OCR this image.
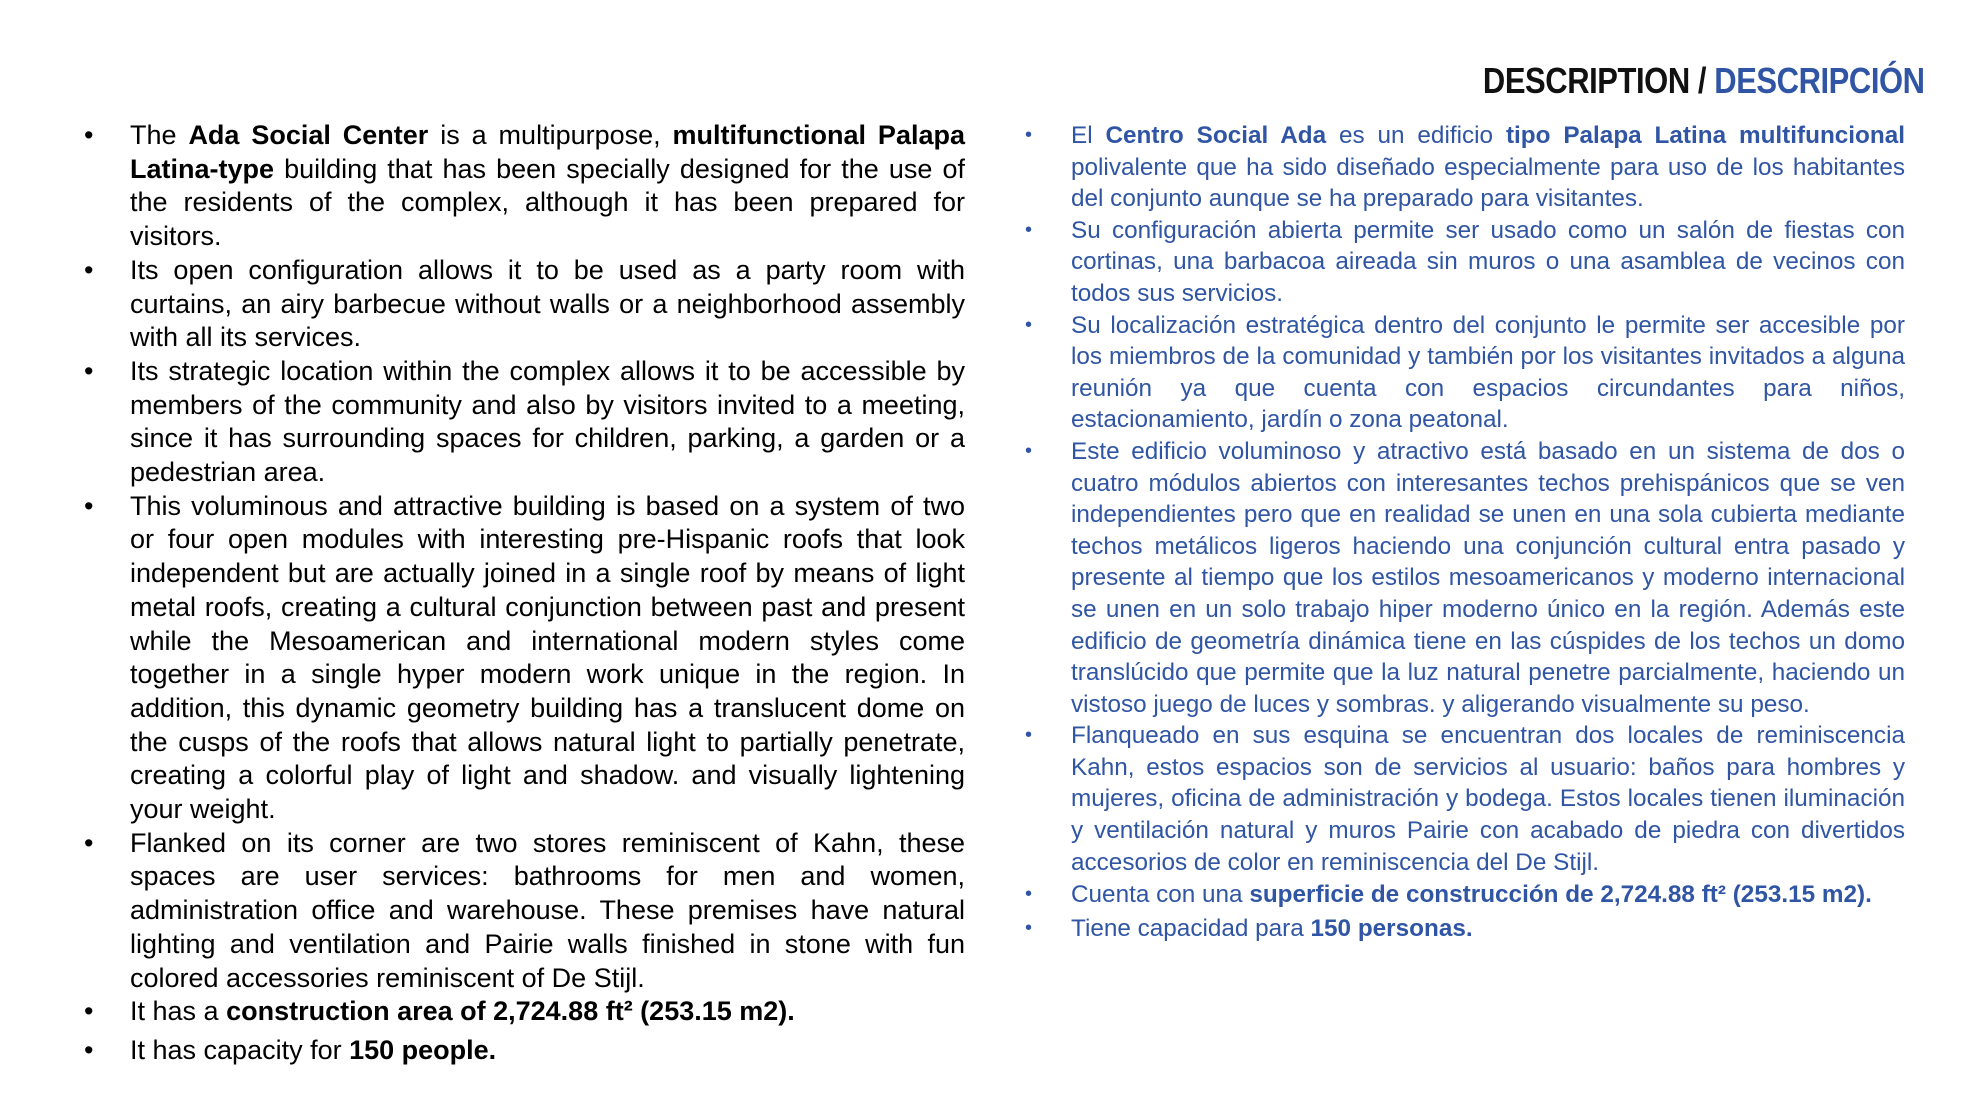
DESCRIPTION / DESCRIPCIÓN
• The Ada Social Center is a multipurpose, multifunctional Palapa Latina-type building that has been specially designed for the use of the residents of the complex, although it has been prepared for visitors.
• Its open configuration allows it to be used as a party room with curtains, an airy barbecue without walls or a neighborhood assembly with all its services.
• Its strategic location within the complex allows it to be accessible by members of the community and also by visitors invited to a meeting, since it has surrounding spaces for children, parking, a garden or a pedestrian area.
• This voluminous and attractive building is based on a system of two or four open modules with interesting pre-Hispanic roofs that look independent but are actually joined in a single roof by means of light metal roofs, creating a cultural conjunction between past and present while the Mesoamerican and international modern styles come together in a single hyper modern work unique in the region. In addition, this dynamic geometry building has a translucent dome on the cusps of the roofs that allows natural light to partially penetrate, creating a colorful play of light and shadow. and visually lightening your weight.
• Flanked on its corner are two stores reminiscent of Kahn, these spaces are user services: bathrooms for men and women, administration office and warehouse. These premises have natural lighting and ventilation and Pairie walls finished in stone with fun colored accessories reminiscent of De Stijl.
• It has a construction area of 2,724.88 ft² (253.15 m2).
• It has capacity for 150 people.
• El Centro Social Ada es un edificio tipo Palapa Latina multifuncional polivalente que ha sido diseñado especialmente para uso de los habitantes del conjunto aunque se ha preparado para visitantes.
• Su configuración abierta permite ser usado como un salón de fiestas con cortinas, una barbacoa aireada sin muros o una asamblea de vecinos con todos sus servicios.
• Su localización estratégica dentro del conjunto le permite ser accesible por los miembros de la comunidad y también por los visitantes invitados a alguna reunión ya que cuenta con espacios circundantes para niños, estacionamiento, jardín o zona peatonal.
• Este edificio voluminoso y atractivo está basado en un sistema de dos o cuatro módulos abiertos con interesantes techos prehispánicos que se ven independientes pero que en realidad se unen en una sola cubierta mediante techos metálicos ligeros haciendo una conjunción cultural entra pasado y presente al tiempo que los estilos mesoamericanos y moderno internacional se unen en un solo trabajo hiper moderno único en la región. Además este edificio de geometría dinámica tiene en las cúspides de los techos un domo translúcido que permite que la luz natural penetre parcialmente, haciendo un vistoso juego de luces y sombras. y aligerando visualmente su peso.
• Flanqueado en sus esquina se encuentran dos locales de reminiscencia Kahn, estos espacios son de servicios al usuario: baños para hombres y mujeres, oficina de administración y bodega. Estos locales tienen iluminación y ventilación natural y muros Pairie con acabado de piedra con divertidos accesorios de color en reminiscencia del De Stijl.
• Cuenta con una superficie de construcción de 2,724.88 ft² (253.15 m2).
• Tiene capacidad para 150 personas.
